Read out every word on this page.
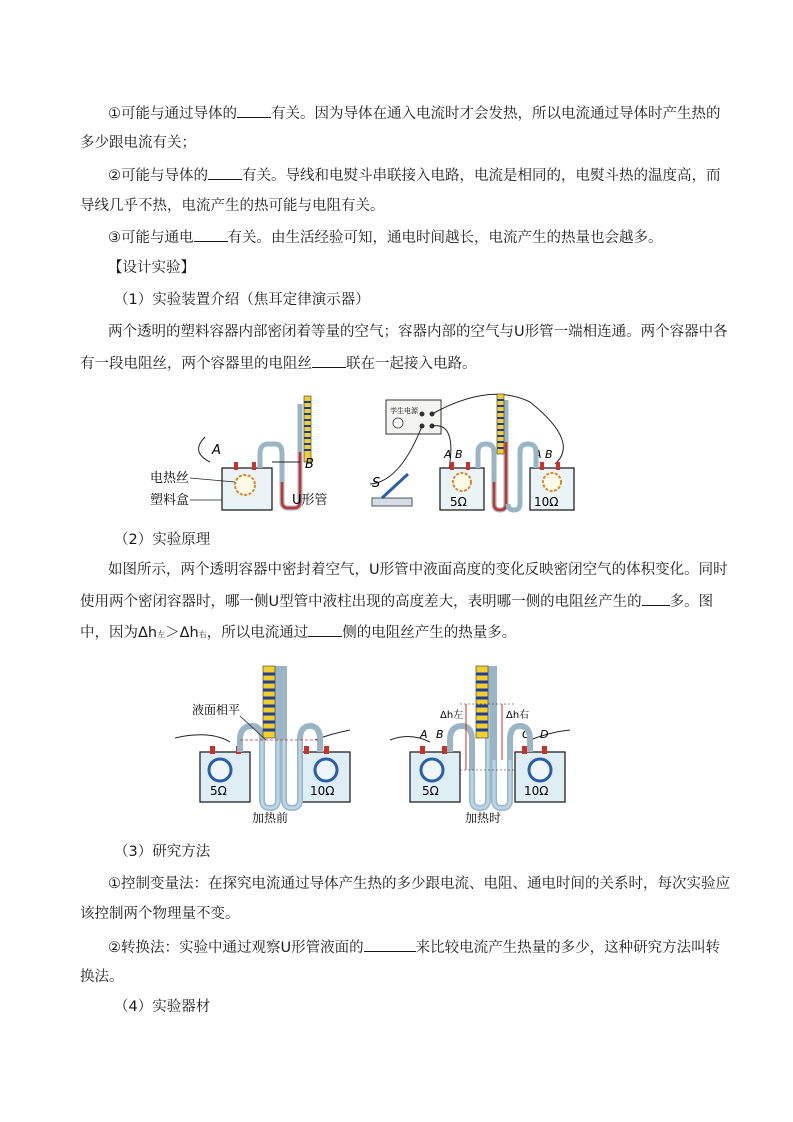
①可能与通过导体的 有关。因为导体在通入电流时才会发热，所以电流通过导体时产生热的
多少跟电流有关；
②可能与导体的 有关。导线和电熨斗串联接入电路，电流是相同的，电熨斗热的温度高，而
导线几乎不热，电流产生的热可能与电阻有关。
③可能与通电 有关。由生活经验可知，通电时间越长，电流产生的热量也会越多。
【设计实验】
（1）实验装置介绍（焦耳定律演示器）
两个透明的塑料容器内部密闭着等量的空气；容器内部的空气与U形管一端相连通。两个容器中各
有一段电阻丝，两个容器里的电阻丝 联在一起接入电路。
A
B
电热丝
塑料盒	U形管
学生电源
S
A B
5Ω
A B
10Ω
（2）实验原理
如图所示，两个透明容器中密封着空气，U形管中液面高度的变化反映密闭空气的体积变化。同时
使用两个密闭容器时，哪一侧U型管中液柱出现的高度差大，表明哪一侧的电阻丝产生的 多。图
中，因为Δh左＞Δh右，所以电流通过 侧的电阻丝产生的热量多。
5Ω	10Ω
液面相平
加热前
A B
5Ω
C D
10Ω
Δh左	Δh右
加热时
（3）研究方法
①控制变量法：在探究电流通过导体产生热的多少跟电流、电阻、通电时间的关系时，每次实验应
该控制两个物理量不变。
②转换法：实验中通过观察U形管液面的	来比较电流产生热量的多少，这种研究方法叫转
换法。
（4）实验器材
